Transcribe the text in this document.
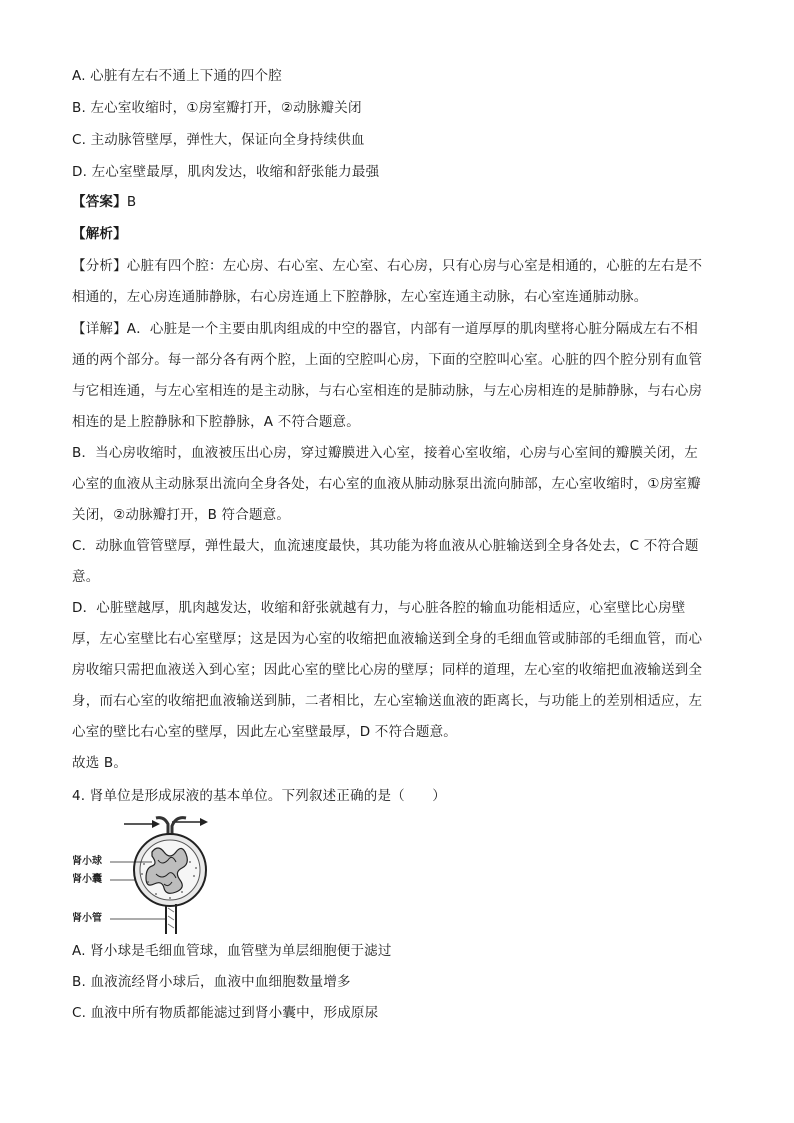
A. 心脏有左右不通上下通的四个腔
B. 左心室收缩时，①房室瓣打开，②动脉瓣关闭
C. 主动脉管壁厚，弹性大，保证向全身持续供血
D. 左心室壁最厚，肌肉发达，收缩和舒张能力最强
【答案】B
【解析】
【分析】心脏有四个腔：左心房、右心室、左心室、右心房，只有心房与心室是相通的，心脏的左右是不
相通的，左心房连通肺静脉，右心房连通上下腔静脉，左心室连通主动脉，右心室连通肺动脉。
【详解】A．心脏是一个主要由肌肉组成的中空的器官，内部有一道厚厚的肌肉壁将心脏分隔成左右不相
通的两个部分。每一部分各有两个腔，上面的空腔叫心房，下面的空腔叫心室。心脏的四个腔分别有血管
与它相连通，与左心室相连的是主动脉，与右心室相连的是肺动脉，与左心房相连的是肺静脉，与右心房
相连的是上腔静脉和下腔静脉，A 不符合题意。
B．当心房收缩时，血液被压出心房，穿过瓣膜进入心室，接着心室收缩，心房与心室间的瓣膜关闭，左
心室的血液从主动脉泵出流向全身各处，右心室的血液从肺动脉泵出流向肺部，左心室收缩时，①房室瓣
关闭，②动脉瓣打开，B 符合题意。
C．动脉血管管壁厚，弹性最大，血流速度最快，其功能为将血液从心脏输送到全身各处去，C 不符合题
意。
D．心脏壁越厚，肌肉越发达，收缩和舒张就越有力，与心脏各腔的输血功能相适应，心室壁比心房壁
厚，左心室壁比右心室壁厚；这是因为心室的收缩把血液输送到全身的毛细血管或肺部的毛细血管，而心
房收缩只需把血液送入到心室；因此心室的壁比心房的壁厚；同样的道理，左心室的收缩把血液输送到全
身，而右心室的收缩把血液输送到肺，二者相比，左心室输送血液的距离长，与功能上的差别相适应，左
心室的壁比右心室的壁厚，因此左心室壁最厚，D 不符合题意。
故选 B。
4. 肾单位是形成尿液的基本单位。下列叙述正确的是（　　）
肾小球
肾小囊
肾小管
A. 肾小球是毛细血管球，血管壁为单层细胞便于滤过
B. 血液流经肾小球后，血液中血细胞数量增多
C. 血液中所有物质都能滤过到肾小囊中，形成原尿
